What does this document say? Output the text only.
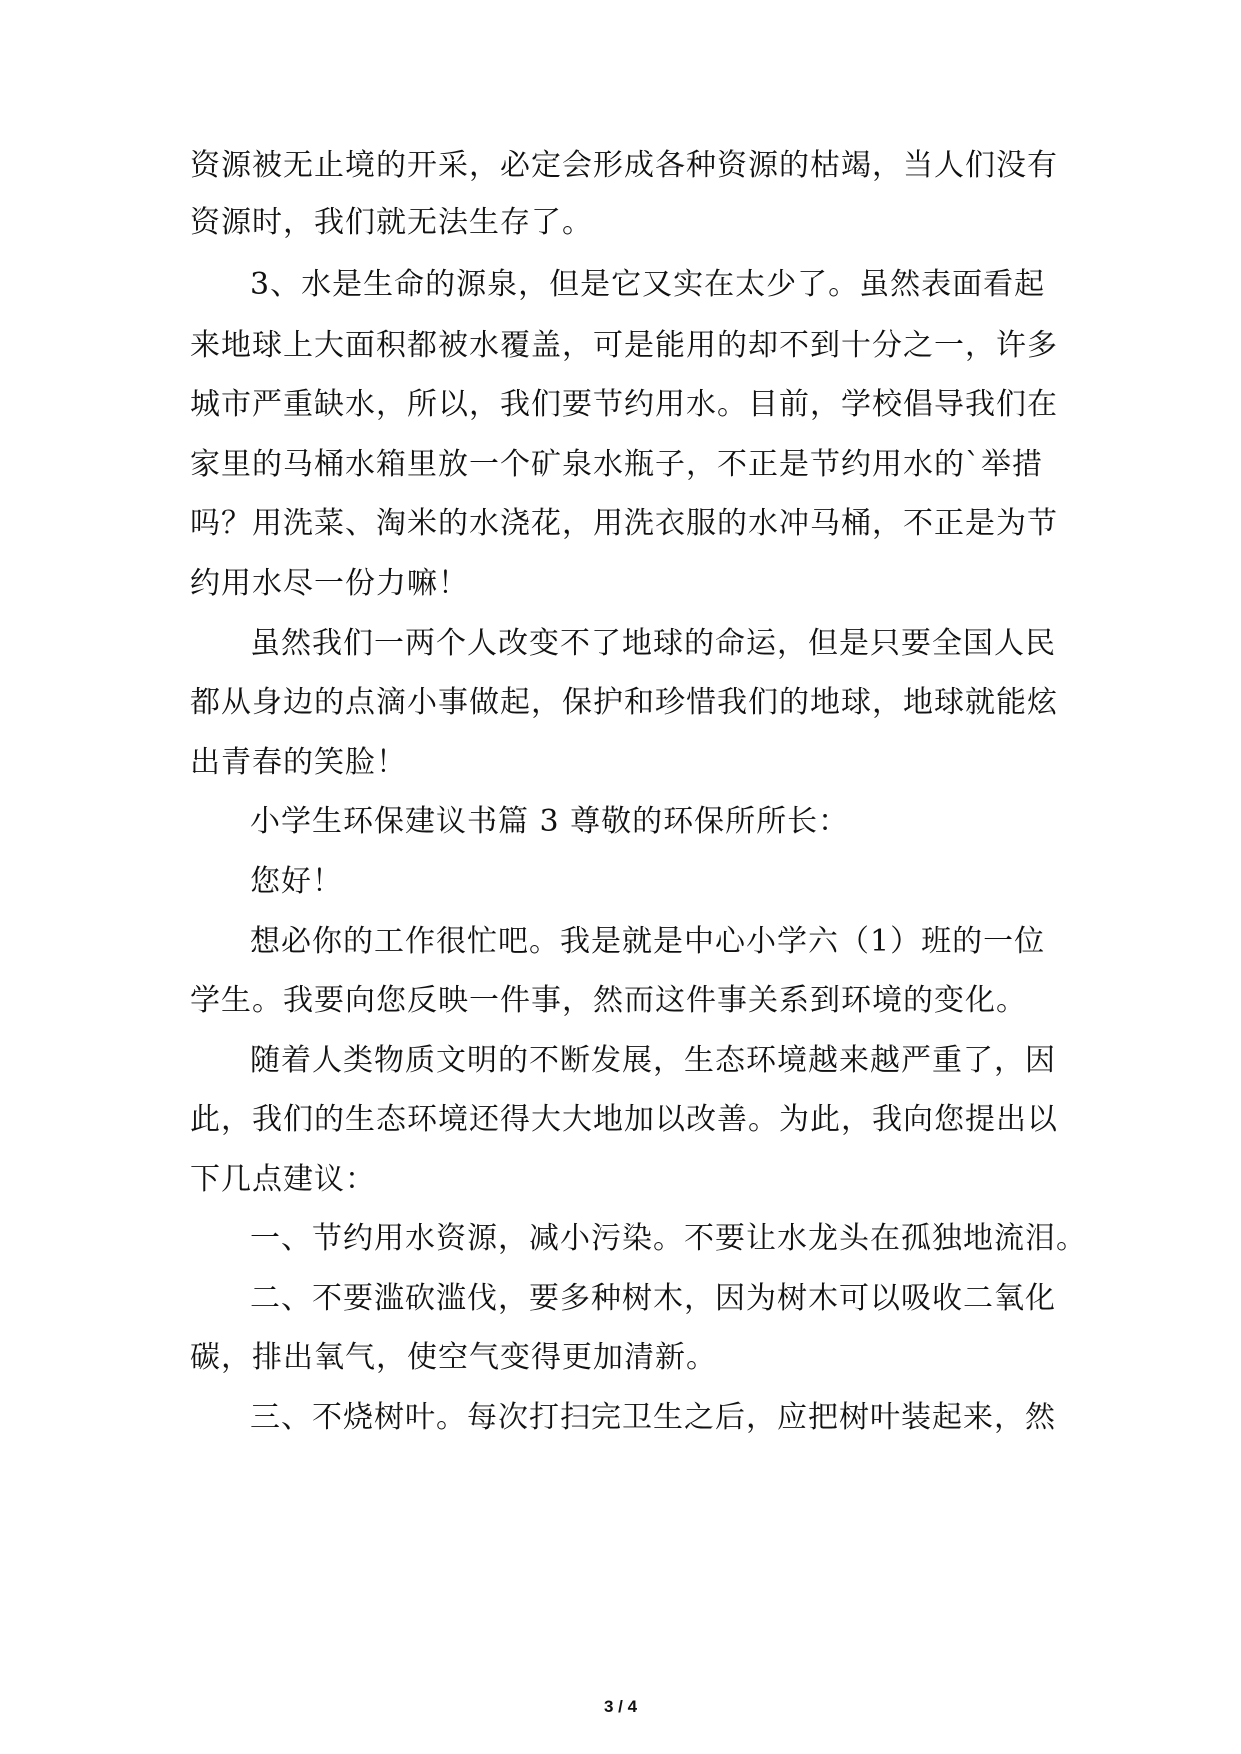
资源被无止境的开采，必定会形成各种资源的枯竭，当人们没有
资源时，我们就无法生存了。
3、水是生命的源泉，但是它又实在太少了。虽然表面看起
来地球上大面积都被水覆盖，可是能用的却不到十分之一，许多
城市严重缺水，所以，我们要节约用水。目前，学校倡导我们在
家里的马桶水箱里放一个矿泉水瓶子，不正是节约用水的`举措
吗？用洗菜、淘米的水浇花，用洗衣服的水冲马桶，不正是为节
约用水尽一份力嘛！
虽然我们一两个人改变不了地球的命运，但是只要全国人民
都从身边的点滴小事做起，保护和珍惜我们的地球，地球就能炫
出青春的笑脸！
小学生环保建议书篇 3 尊敬的环保所所长：
您好！
想必你的工作很忙吧。我是就是中心小学六（1）班的一位
学生。我要向您反映一件事，然而这件事关系到环境的变化。
随着人类物质文明的不断发展，生态环境越来越严重了，因
此，我们的生态环境还得大大地加以改善。为此，我向您提出以
下几点建议：
一、节约用水资源，减小污染。不要让水龙头在孤独地流泪。
二、不要滥砍滥伐，要多种树木，因为树木可以吸收二氧化
碳，排出氧气，使空气变得更加清新。
三、不烧树叶。每次打扫完卫生之后，应把树叶装起来，然
3 / 4
